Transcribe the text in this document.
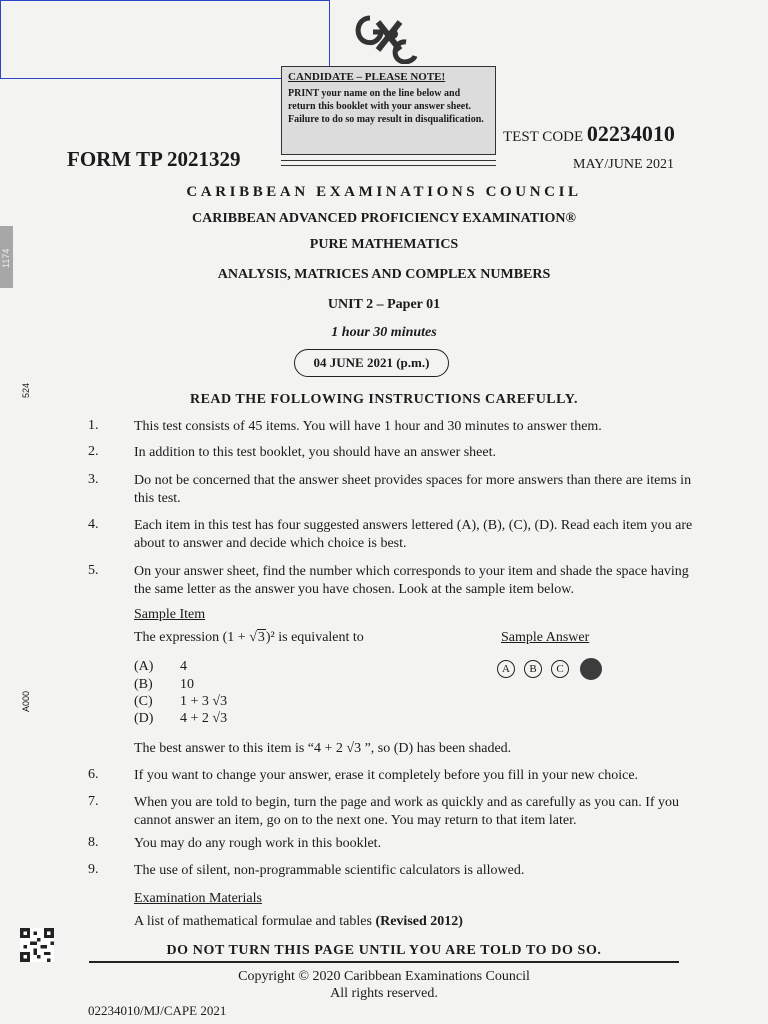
CANDIDATE – PLEASE NOTE!
PRINT your name on the line below and return this booklet with your answer sheet. Failure to do so may result in disqualification.
FORM TP 2021329
TEST CODE 02234010
MAY/JUNE 2021
CARIBBEAN EXAMINATIONS COUNCIL
CARIBBEAN ADVANCED PROFICIENCY EXAMINATION®
PURE MATHEMATICS
ANALYSIS, MATRICES AND COMPLEX NUMBERS
UNIT 2 – Paper 01
1 hour 30 minutes
04 JUNE 2021 (p.m.)
READ THE FOLLOWING INSTRUCTIONS CAREFULLY.
1.	This test consists of 45 items. You will have 1 hour and 30 minutes to answer them.
2.	In addition to this test booklet, you should have an answer sheet.
3.	Do not be concerned that the answer sheet provides spaces for more answers than there are items in this test.
4.	Each item in this test has four suggested answers lettered (A), (B), (C), (D). Read each item you are about to answer and decide which choice is best.
5.	On your answer sheet, find the number which corresponds to your item and shade the space having the same letter as the answer you have chosen. Look at the sample item below.
Sample Item
The expression (1 + √3)² is equivalent to	Sample Answer
(A) 4
(B) 10
(C) 1 + 3 √3
(D) 4 + 2 √3
A	B	C
The best answer to this item is “4 + 2 √3 ”, so (D) has been shaded.
6.	If you want to change your answer, erase it completely before you fill in your new choice.
7.	When you are told to begin, turn the page and work as quickly and as carefully as you can. If you cannot answer an item, go on to the next one. You may return to that item later.
8.	You may do any rough work in this booklet.
9.	The use of silent, non-programmable scientific calculators is allowed.
Examination Materials
A list of mathematical formulae and tables (Revised 2012)
DO NOT TURN THIS PAGE UNTIL YOU ARE TOLD TO DO SO.
Copyright © 2020 Caribbean Examinations Council
All rights reserved.
02234010/MJ/CAPE 2021
1174
524
A000
